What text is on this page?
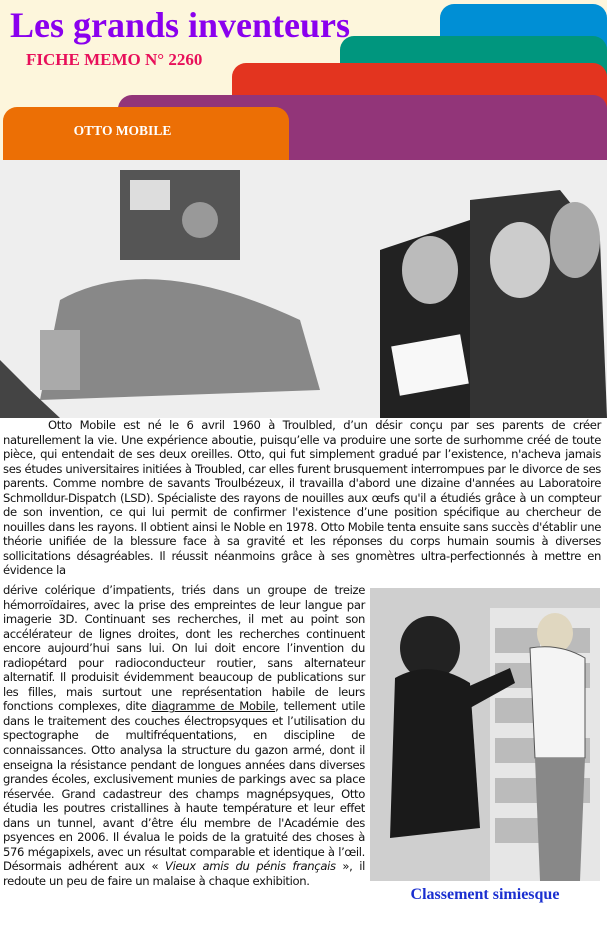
Les grands inventeurs
FICHE MEMO N° 2260
OTTO MOBILE
Otto Mobile est né le 6 avril 1960 à Troulbled, d’un désir conçu par ses parents de créer naturellement la vie. Une expérience aboutie, puisqu’elle va produire une sorte de surhomme créé de toute pièce, qui entendait de ses deux oreilles. Otto, qui fut simplement gradué par l’existence, n'acheva jamais ses études universitaires initiées à Troubled, car elles furent brusquement interrompues par le divorce de ses parents. Comme nombre de savants Troulbézeux, il travailla d'abord une dizaine d'années au Laboratoire Schmolldur-Dispatch (LSD). Spécialiste des rayons de nouilles aux œufs qu'il a étudiés grâce à un compteur de son invention, ce qui lui permit de confirmer l'existence d’une position spécifique au chercheur de nouilles dans les rayons. Il obtient ainsi le Noble en 1978. Otto Mobile tenta ensuite sans succès d'établir une théorie unifiée de la blessure face à sa gravité et les réponses du corps humain soumis à diverses sollicitations désagréables. Il réussit néanmoins grâce à ses gnomètres ultra-perfectionnés à mettre en évidence la
dérive colérique d’impatients, triés dans un groupe de treize hémorroïdaires, avec la prise des empreintes de leur langue par imagerie 3D. Continuant ses recherches, il met au point son accélérateur de lignes droites, dont les recherches continuent encore aujourd’hui sans lui. On lui doit encore l’invention du radiopétard pour radioconducteur routier, sans alternateur alternatif. Il produisit évidemment beaucoup de publications sur les filles, mais surtout une représentation habile de leurs fonctions complexes, dite diagramme de Mobile, tellement utile dans le traitement des couches électropsyques et l’utilisation du spectographe de multifréquentations, en discipline de connaissances. Otto analysa la structure du gazon armé, dont il enseigna la résistance pendant de longues années dans diverses grandes écoles, exclusivement munies de parkings avec sa place réservée. Grand cadastreur des champs magnépsyques, Otto étudia les poutres cristallines à haute température et leur effet dans un tunnel, avant d’être élu membre de l'Académie des psyences en 2006. Il évalua le poids de la gratuité des choses à 576 mégapixels, avec un résultat comparable et identique à l’œil. Désormais adhérent aux « Vieux amis du pénis français », il redoute un peu de faire un malaise à chaque exhibition.
Classement simiesque
